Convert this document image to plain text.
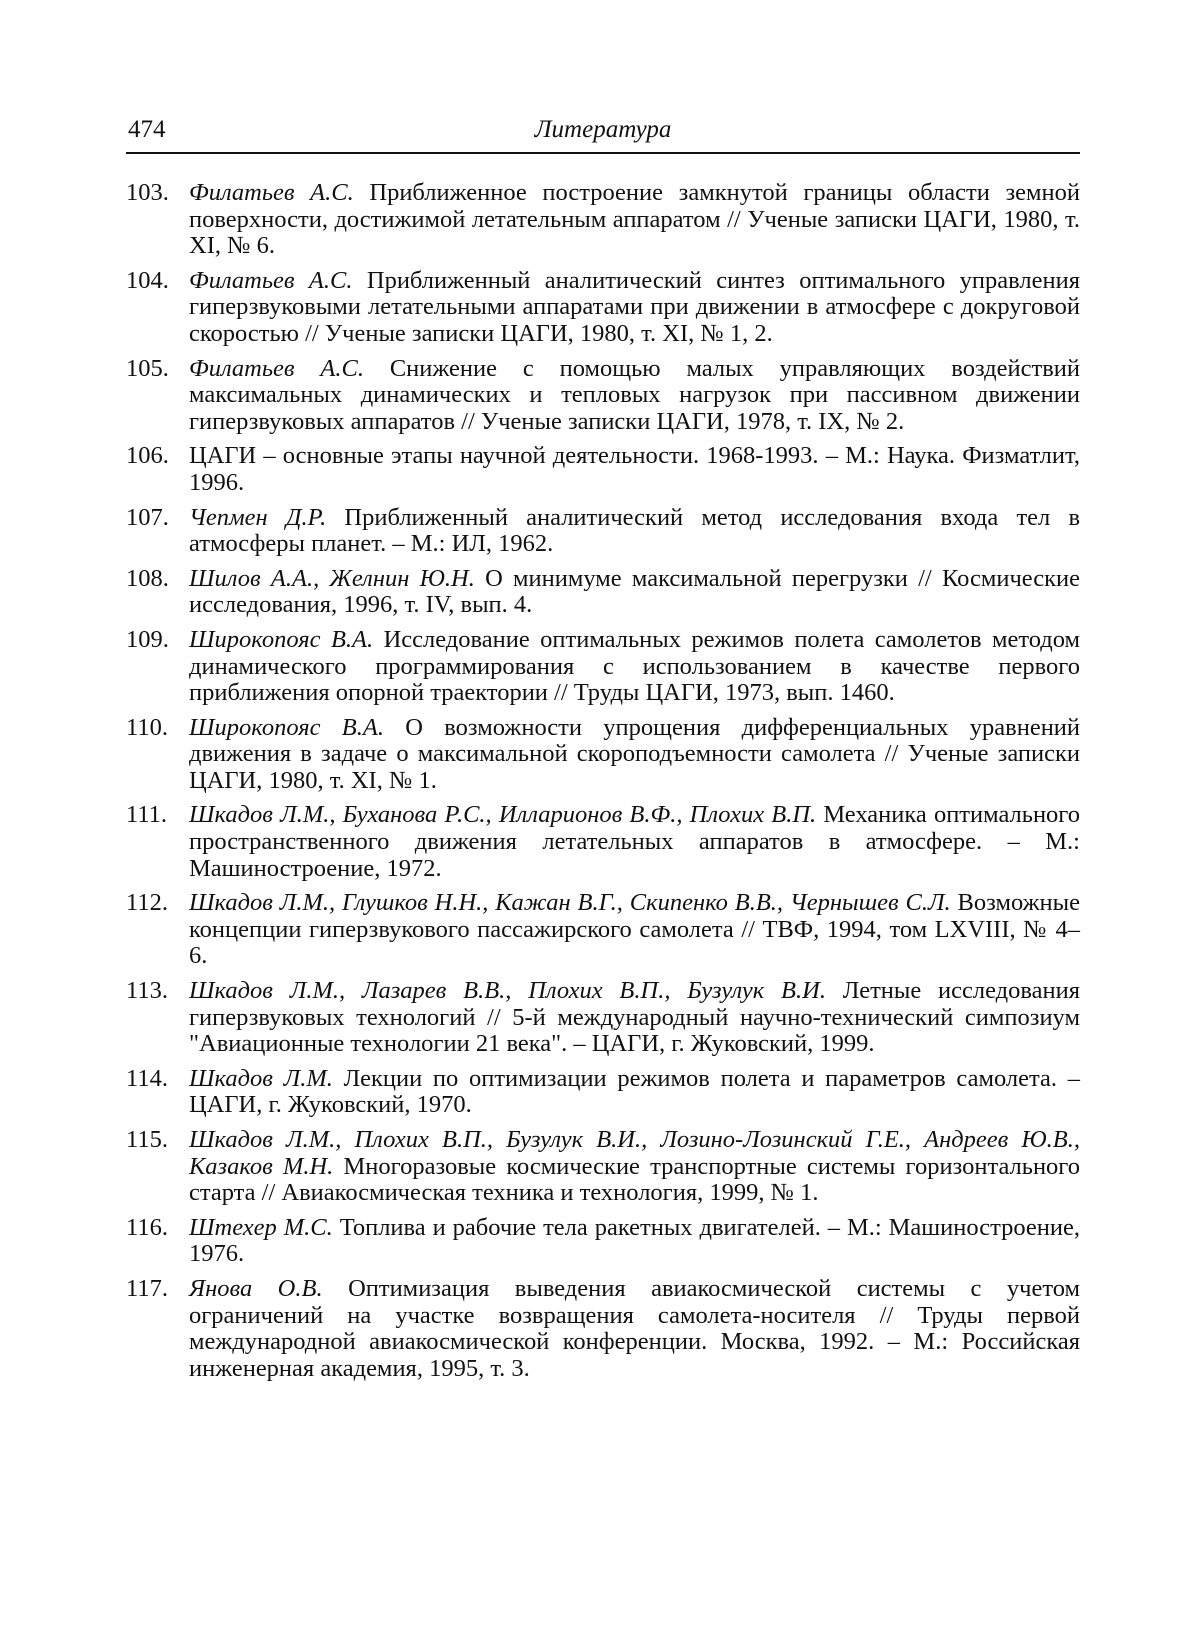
474	Литература
103. Филатьев А.С. Приближенное построение замкнутой границы области земной поверхности, достижимой летательным аппаратом // Ученые записки ЦАГИ, 1980, т. XI, № 6.
104. Филатьев А.С. Приближенный аналитический синтез оптимального управления гиперзвуковыми летательными аппаратами при движении в атмосфере с докруговой скоростью // Ученые записки ЦАГИ, 1980, т. XI, № 1, 2.
105. Филатьев А.С. Снижение с помощью малых управляющих воздействий максимальных динамических и тепловых нагрузок при пассивном движении гиперзвуковых аппаратов // Ученые записки ЦАГИ, 1978, т. IX, № 2.
106. ЦАГИ – основные этапы научной деятельности. 1968-1993. – М.: Наука. Физматлит, 1996.
107. Чепмен Д.Р. Приближенный аналитический метод исследования входа тел в атмосферы планет. – М.: ИЛ, 1962.
108. Шилов А.А., Желнин Ю.Н. О минимуме максимальной перегрузки // Космические исследования, 1996, т. IV, вып. 4.
109. Широкопояс В.А. Исследование оптимальных режимов полета самолетов методом динамического программирования с использованием в качестве первого приближения опорной траектории // Труды ЦАГИ, 1973, вып. 1460.
110. Широкопояс В.А. О возможности упрощения дифференциальных уравнений движения в задаче о максимальной скороподъемности самолета // Ученые записки ЦАГИ, 1980, т. XI, № 1.
111. Шкадов Л.М., Буханова Р.С., Илларионов В.Ф., Плохих В.П. Механика оптимального пространственного движения летательных аппаратов в атмосфере. – М.: Машиностроение, 1972.
112. Шкадов Л.М., Глушков Н.Н., Кажан В.Г., Скипенко В.В., Чернышев С.Л. Возможные концепции гиперзвукового пассажирского самолета // ТВФ, 1994, том LXVIII, № 4–6.
113. Шкадов Л.М., Лазарев В.В., Плохих В.П., Бузулук В.И. Летные исследования гиперзвуковых технологий // 5-й международный научно-технический симпозиум "Авиационные технологии 21 века". – ЦАГИ, г. Жуковский, 1999.
114. Шкадов Л.М. Лекции по оптимизации режимов полета и параметров самолета. – ЦАГИ, г. Жуковский, 1970.
115. Шкадов Л.М., Плохих В.П., Бузулук В.И., Лозино-Лозинский Г.Е., Андреев Ю.В., Казаков М.Н. Многоразовые космические транспортные системы горизонтального старта // Авиакосмическая техника и технология, 1999, № 1.
116. Штехер М.С. Топлива и рабочие тела ракетных двигателей. – М.: Машиностроение, 1976.
117. Янова О.В. Оптимизация выведения авиакосмической системы с учетом ограничений на участке возвращения самолета-носителя // Труды первой международной авиакосмической конференции. Москва, 1992. – М.: Российская инженерная академия, 1995, т. 3.
